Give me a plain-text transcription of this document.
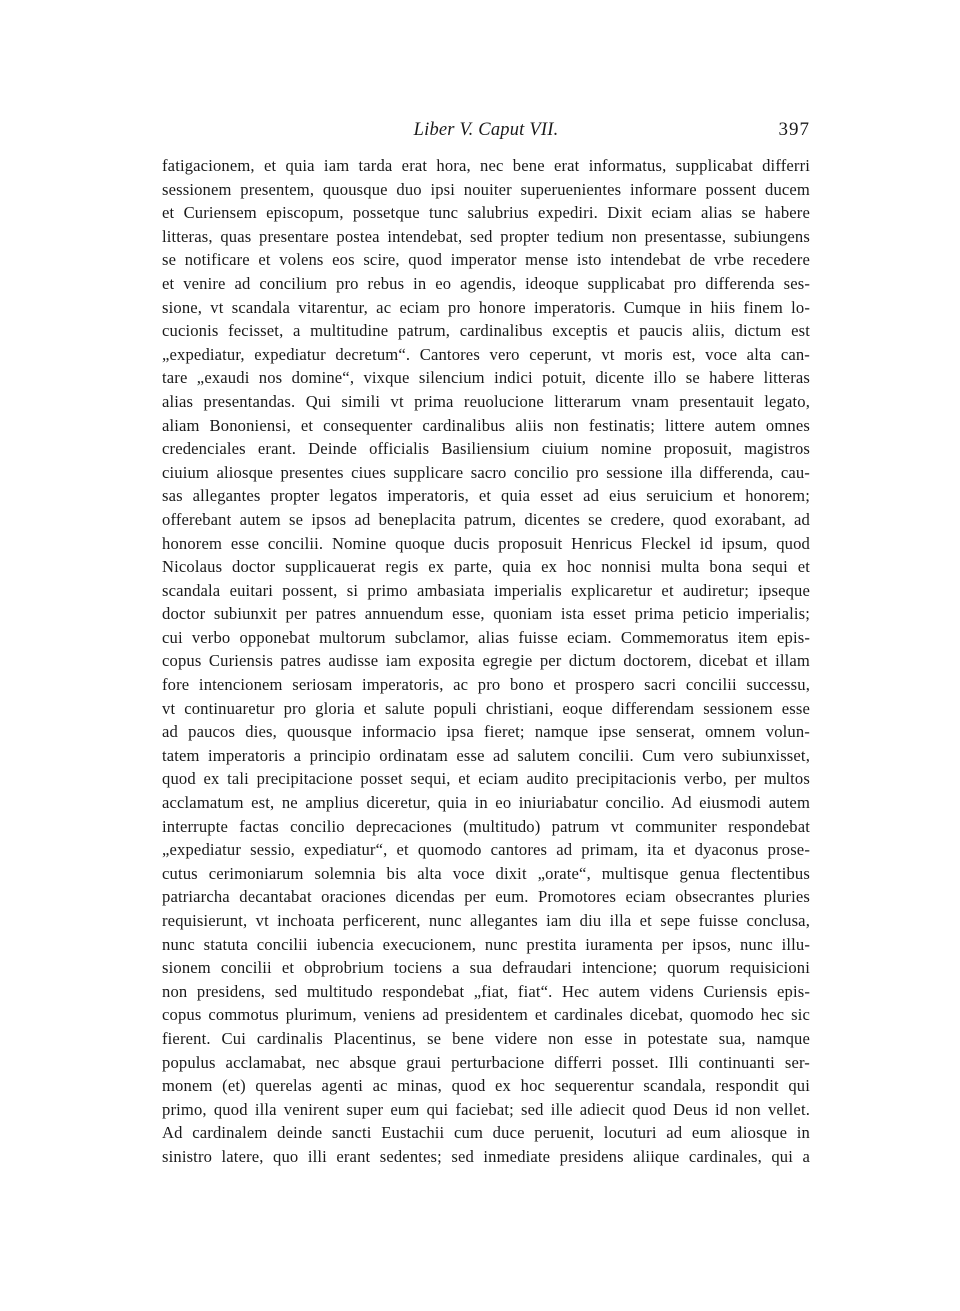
Liber V. Caput VII.	397
fatigacionem, et quia iam tarda erat hora, nec bene erat informatus, supplicabat differri
sessionem presentem, quousque duo ipsi nouiter superuenientes informare possent ducem
et Curiensem episcopum, possetque tunc salubrius expediri. Dixit eciam alias se habere
litteras, quas presentare postea intendebat, sed propter tedium non presentasse, subiungens
se notificare et volens eos scire, quod imperator mense isto intendebat de vrbe recedere
et venire ad concilium pro rebus in eo agendis, ideoque supplicabat pro differenda ses-
sione, vt scandala vitarentur, ac eciam pro honore imperatoris. Cumque in hiis finem lo-
cucionis fecisset, a multitudine patrum, cardinalibus exceptis et paucis aliis, dictum est
„expediatur, expediatur decretum“. Cantores vero ceperunt, vt moris est, voce alta can-
tare „exaudi nos domine“, vixque silencium indici potuit, dicente illo se habere litteras
alias presentandas. Qui simili vt prima reuolucione litterarum vnam presentauit legato,
aliam Bononiensi, et consequenter cardinalibus aliis non festinatis; littere autem omnes
credenciales erant. Deinde officialis Basiliensium ciuium nomine proposuit, magistros
ciuium aliosque presentes ciues supplicare sacro concilio pro sessione illa differenda, cau-
sas allegantes propter legatos imperatoris, et quia esset ad eius seruicium et honorem;
offerebant autem se ipsos ad beneplacita patrum, dicentes se credere, quod exorabant, ad
honorem esse concilii. Nomine quoque ducis proposuit Henricus Fleckel id ipsum, quod
Nicolaus doctor supplicauerat regis ex parte, quia ex hoc nonnisi multa bona sequi et
scandala euitari possent, si primo ambasiata imperialis explicaretur et audiretur; ipseque
doctor subiunxit per patres annuendum esse, quoniam ista esset prima peticio imperialis;
cui verbo opponebat multorum subclamor, alias fuisse eciam. Commemoratus item epis-
copus Curiensis patres audisse iam exposita egregie per dictum doctorem, dicebat et illam
fore intencionem seriosam imperatoris, ac pro bono et prospero sacri concilii successu,
vt continuaretur pro gloria et salute populi christiani, eoque differendam sessionem esse
ad paucos dies, quousque informacio ipsa fieret; namque ipse senserat, omnem volun-
tatem imperatoris a principio ordinatam esse ad salutem concilii. Cum vero subiunxisset,
quod ex tali precipitacione posset sequi, et eciam audito precipitacionis verbo, per multos
acclamatum est, ne amplius diceretur, quia in eo iniuriabatur concilio. Ad eiusmodi autem
interrupte factas concilio deprecaciones (multitudo) patrum vt communiter respondebat
„expediatur sessio, expediatur“, et quomodo cantores ad primam, ita et dyaconus prose-
cutus cerimoniarum solemnia bis alta voce dixit „orate“, multisque genua flectentibus
patriarcha decantabat oraciones dicendas per eum. Promotores eciam obsecrantes pluries
requisierunt, vt inchoata perficerent, nunc allegantes iam diu illa et sepe fuisse conclusa,
nunc statuta concilii iubencia execucionem, nunc prestita iuramenta per ipsos, nunc illu-
sionem concilii et obprobrium tociens a sua defraudari intencione; quorum requisicioni
non presidens, sed multitudo respondebat „fiat, fiat“. Hec autem videns Curiensis epis-
copus commotus plurimum, veniens ad presidentem et cardinales dicebat, quomodo hec sic
fierent. Cui cardinalis Placentinus, se bene videre non esse in potestate sua, namque
populus acclamabat, nec absque graui perturbacione differri posset. Illi continuanti ser-
monem (et) querelas agenti ac minas, quod ex hoc sequerentur scandala, respondit qui
primo, quod illa venirent super eum qui faciebat; sed ille adiecit quod Deus id non vellet.
Ad cardinalem deinde sancti Eustachii cum duce peruenit, locuturi ad eum aliosque in
sinistro latere, quo illi erant sedentes; sed inmediate presidens aliique cardinales, qui a
